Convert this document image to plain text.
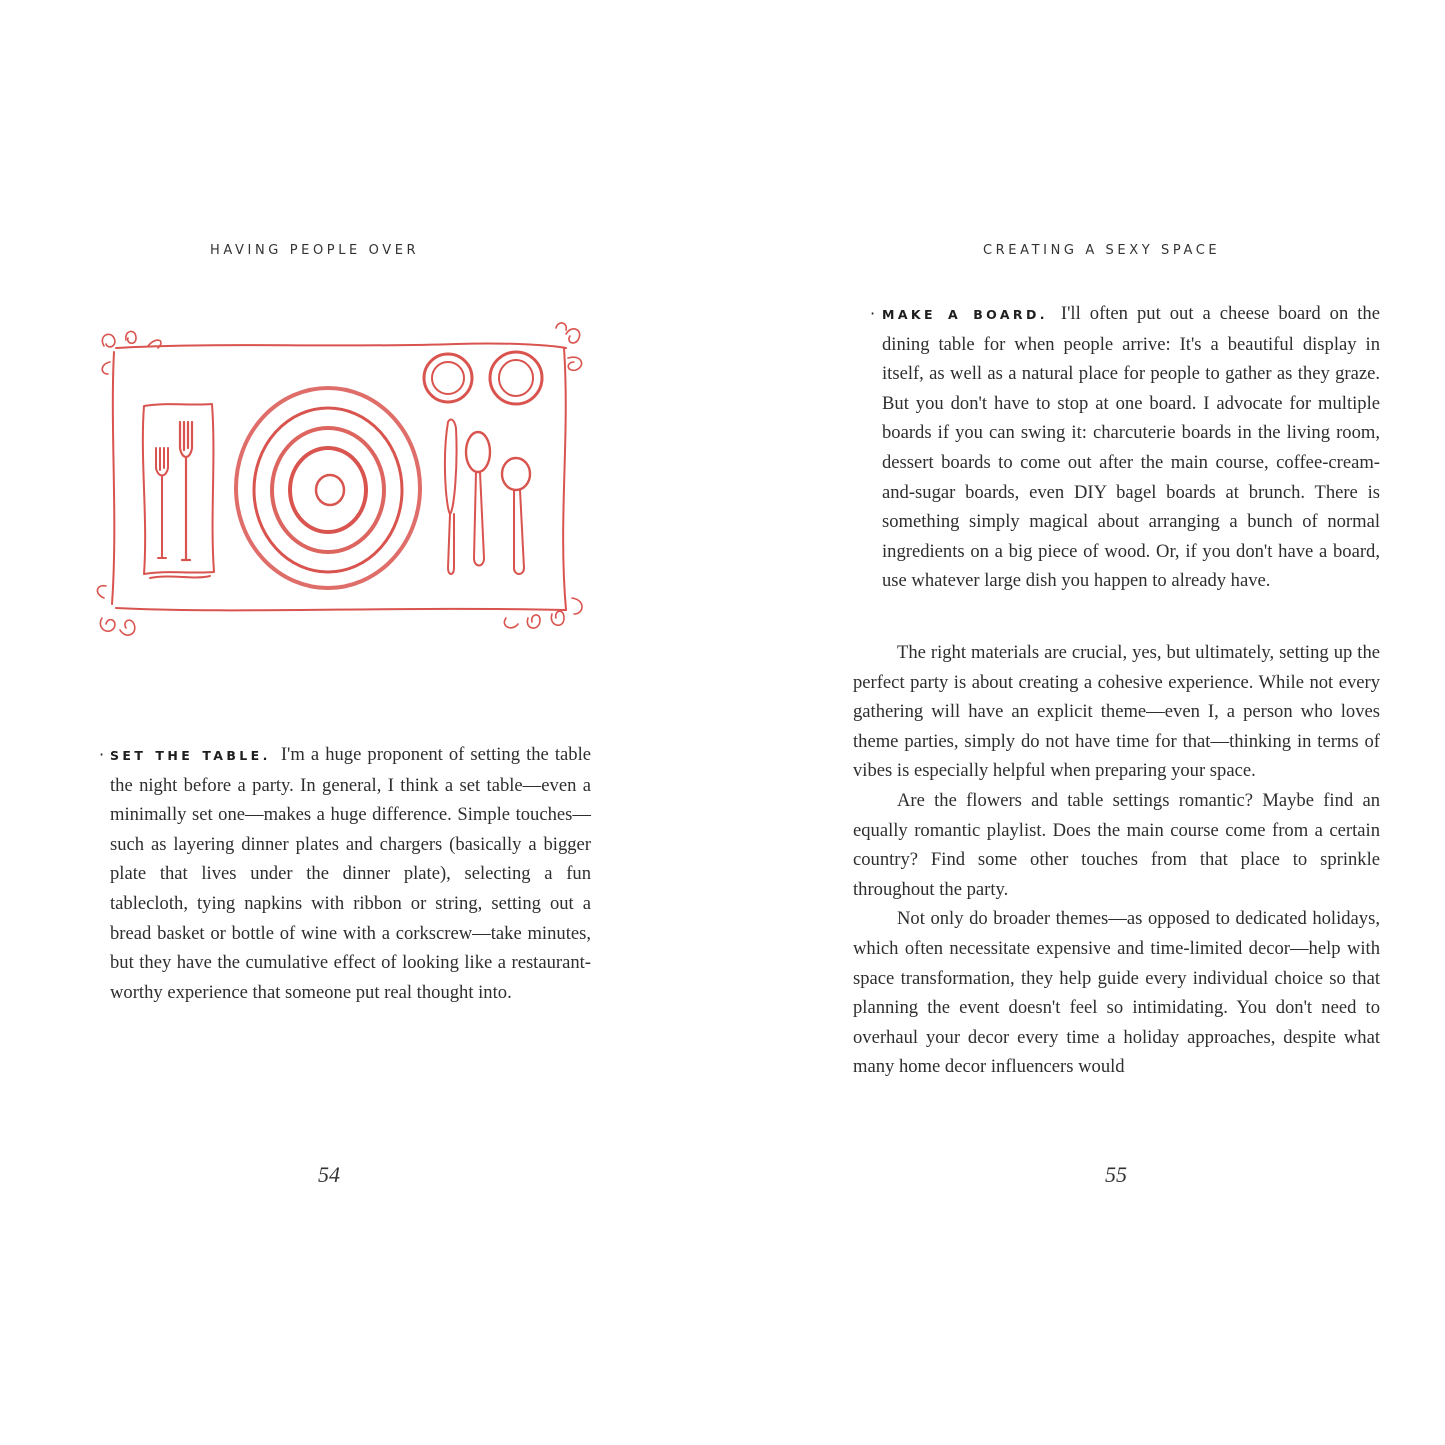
HAVING PEOPLE OVER

· SET THE TABLE. I'm a huge proponent of setting the table the night before a party. In general, I think a set table—even a minimally set one—makes a huge difference. Simple touches—such as layering dinner plates and chargers (basically a bigger plate that lives under the dinner plate), selecting a fun tablecloth, tying napkins with ribbon or string, setting out a bread basket or bottle of wine with a corkscrew—take minutes, but they have the cumulative effect of looking like a restaurant-worthy experience that someone put real thought into.

54
CREATING A SEXY SPACE

· MAKE A BOARD. I'll often put out a cheese board on the dining table for when people arrive: It's a beautiful display in itself, as well as a natural place for people to gather as they graze. But you don't have to stop at one board. I advocate for multiple boards if you can swing it: charcuterie boards in the living room, dessert boards to come out after the main course, coffee-cream-and-sugar boards, even DIY bagel boards at brunch. There is something simply magical about arranging a bunch of normal ingredients on a big piece of wood. Or, if you don't have a board, use whatever large dish you happen to already have.

The right materials are crucial, yes, but ultimately, setting up the perfect party is about creating a cohesive experience. While not every gathering will have an explicit theme—even I, a person who loves theme parties, simply do not have time for that—thinking in terms of vibes is especially helpful when preparing your space.

Are the flowers and table settings romantic? Maybe find an equally romantic playlist. Does the main course come from a certain country? Find some other touches from that place to sprinkle throughout the party.

Not only do broader themes—as opposed to dedicated holidays, which often necessitate expensive and time-limited decor—help with space transformation, they help guide every individual choice so that planning the event doesn't feel so intimidating. You don't need to overhaul your decor every time a holiday approaches, despite what many home decor influencers would

55
